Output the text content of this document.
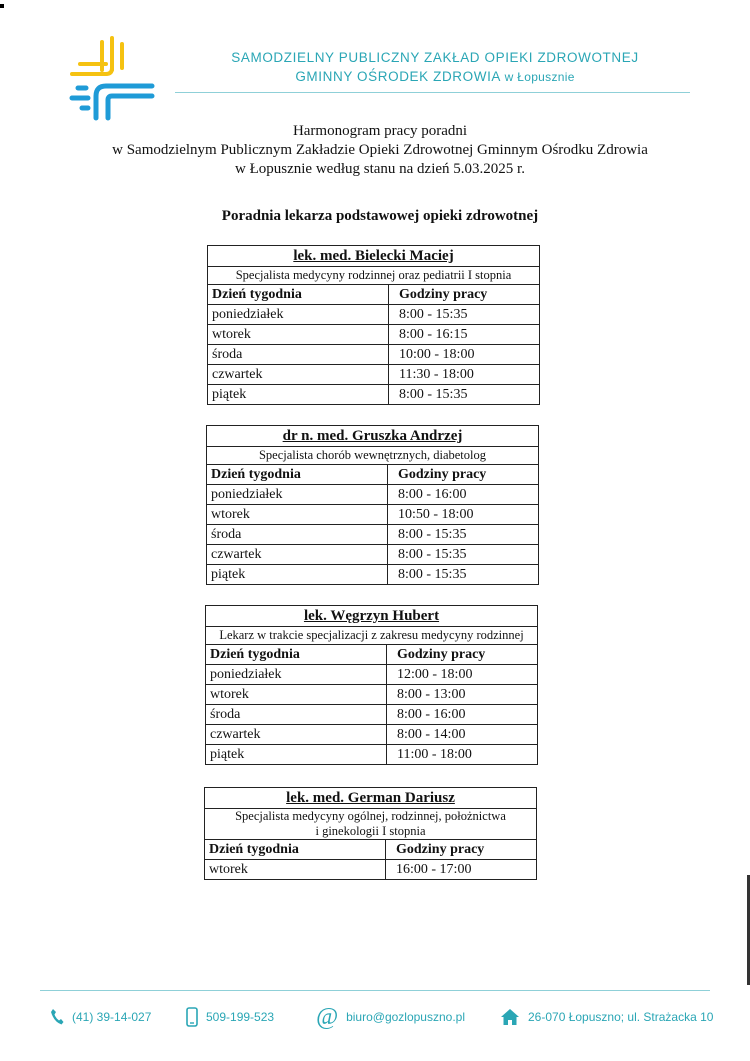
SAMODZIELNY PUBLICZNY ZAKŁAD OPIEKI ZDROWOTNEJ
GMINNY OŚRODEK ZDROWIA w Łopusznie
Harmonogram pracy poradni
w Samodzielnym Publicznym Zakładzie Opieki Zdrowotnej Gminnym Ośrodku Zdrowia
w Łopusznie według stanu na dzień 5.03.2025 r.
Poradnia lekarza podstawowej opieki zdrowotnej
lek. med. Bielecki Maciej	
Specjalista medycyny rodzinnej oraz pediatrii I stopnia	
Dzień tygodnia	Godziny pracy
poniedziałek	8:00 - 15:35
wtorek	8:00 - 16:15
środa	10:00 - 18:00
czwartek	11:30 - 18:00
piątek	8:00 - 15:35
dr n. med. Gruszka Andrzej	
Specjalista chorób wewnętrznych, diabetolog	
Dzień tygodnia	Godziny pracy
poniedziałek	8:00 - 16:00
wtorek	10:50 - 18:00
środa	8:00 - 15:35
czwartek	8:00 - 15:35
piątek	8:00 - 15:35
lek. Węgrzyn Hubert	
Lekarz w trakcie specjalizacji z zakresu medycyny rodzinnej	
Dzień tygodnia	Godziny pracy
poniedziałek	12:00 - 18:00
wtorek	8:00 - 13:00
środa	8:00 - 16:00
czwartek	8:00 - 14:00
piątek	11:00 - 18:00
lek. med. German Dariusz	

Specjalista medycyny ogólnej, rodzinnej, położnictwa
i ginekologii I stopnia	

Dzień tygodnia	Godziny pracy
wtorek	16:00 - 17:00
(41) 39-14-027	509-199-523 @ biuro@gozlopuszno.pl	26-070 Łopuszno; ul. Strażacka 10
